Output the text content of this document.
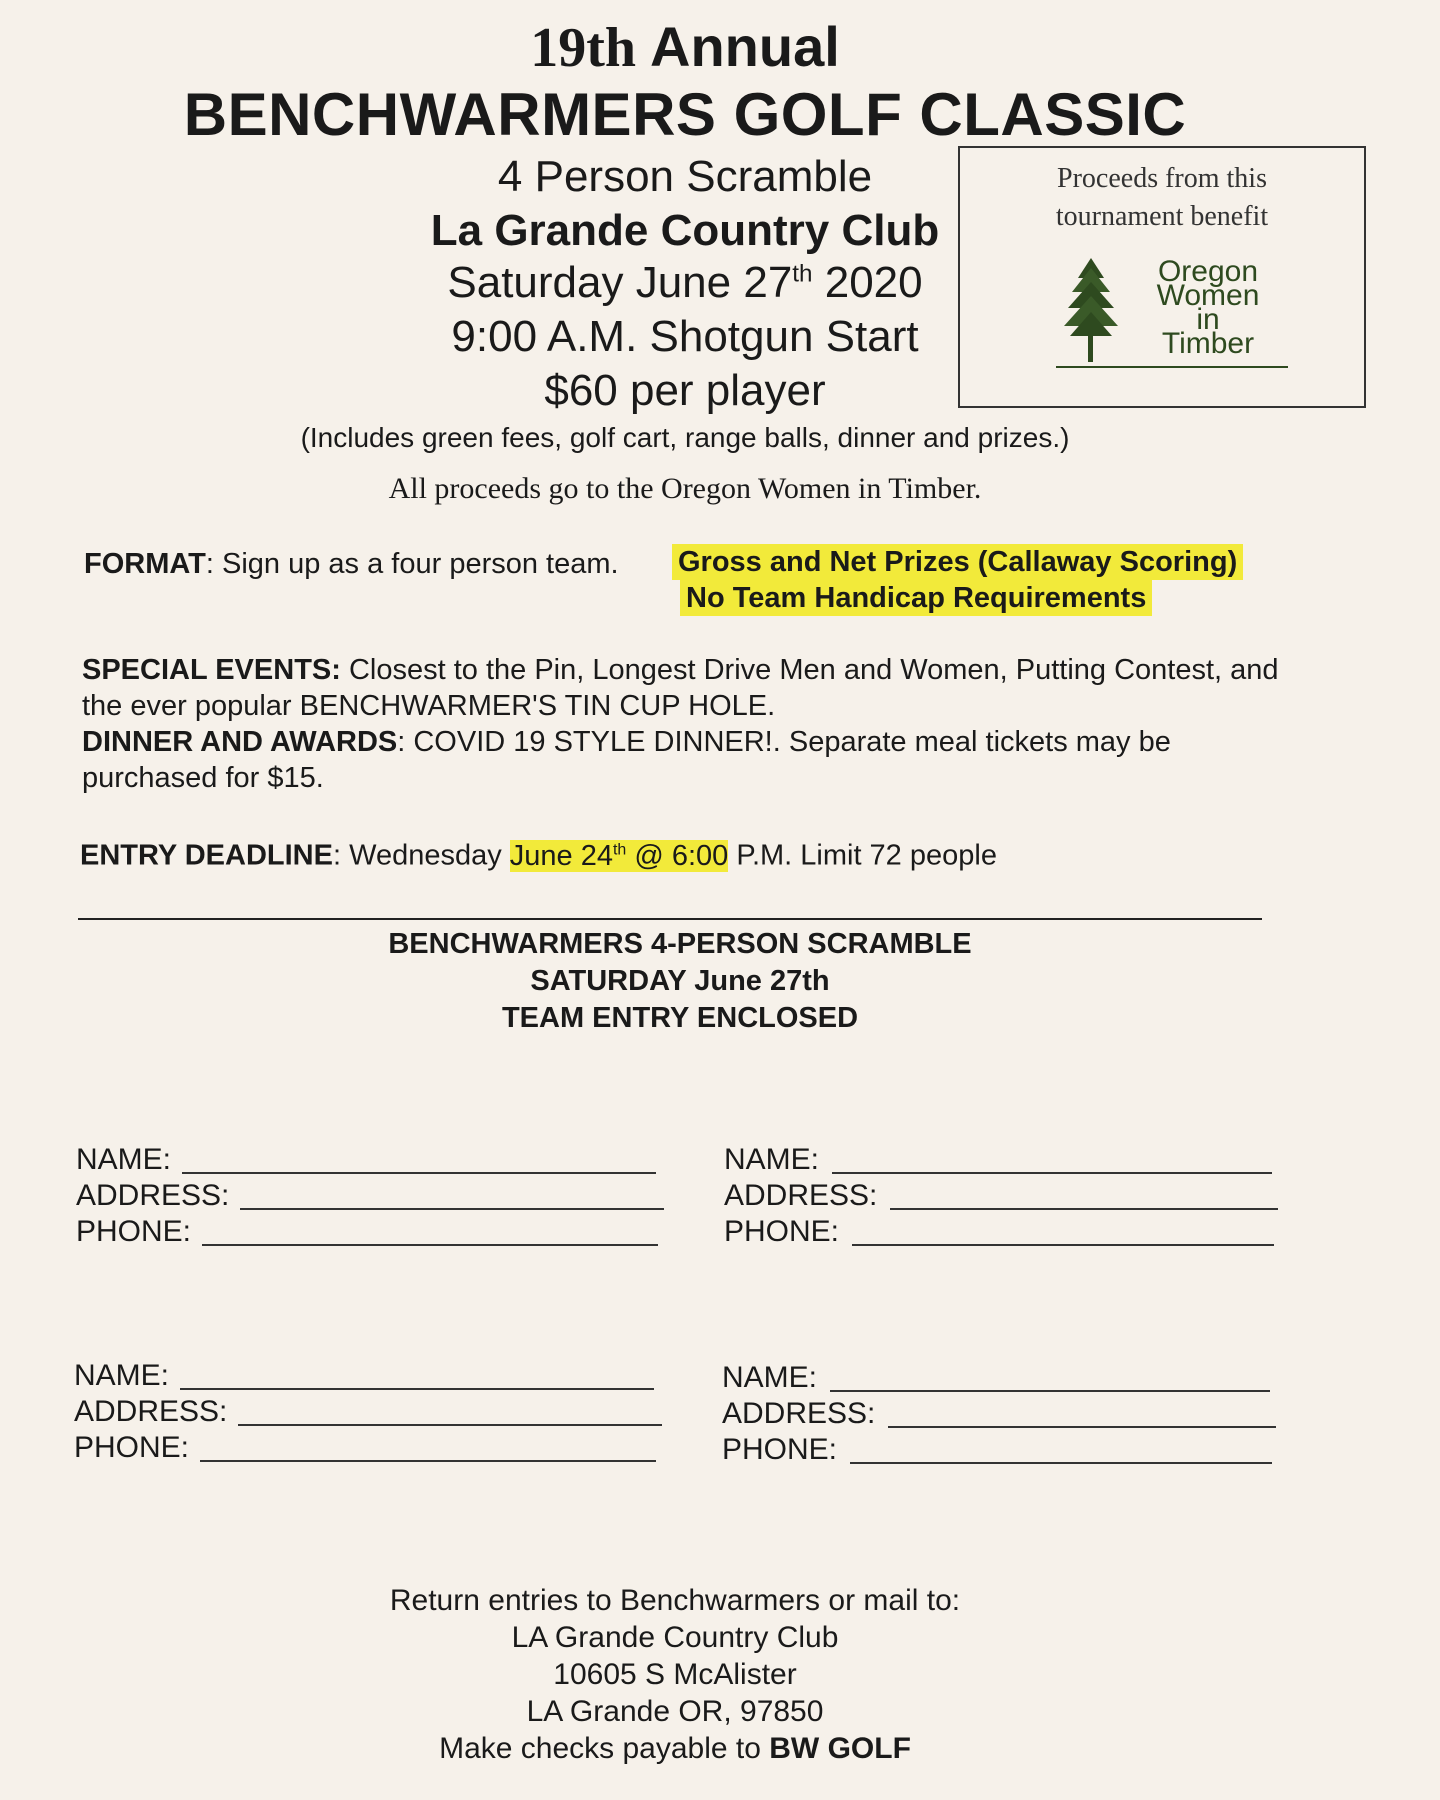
19th Annual
BENCHWARMERS GOLF CLASSIC
4 Person Scramble
La Grande Country Club
Saturday June 27th 2020
9:00 A.M. Shotgun Start
$60 per player
(Includes green fees, golf cart, range balls, dinner and prizes.)
All proceeds go to the Oregon Women in Timber.
Proceeds from this
tournament benefit
Oregon
Women
in
Timber
FORMAT: Sign up as a four person team. Gross and Net Prizes (Callaway Scoring)
No Team Handicap Requirements
SPECIAL EVENTS: Closest to the Pin, Longest Drive Men and Women, Putting Contest, and the ever popular BENCHWARMER'S TIN CUP HOLE.
DINNER AND AWARDS: COVID 19 STYLE DINNER!. Separate meal tickets may be purchased for $15.
ENTRY DEADLINE: Wednesday June 24th @ 6:00 P.M. Limit 72 people
BENCHWARMERS 4-PERSON SCRAMBLE
SATURDAY June 27th
TEAM ENTRY ENCLOSED
NAME:
ADDRESS:
PHONE:
NAME:
ADDRESS:
PHONE:
NAME:
ADDRESS:
PHONE:
NAME:
ADDRESS:
PHONE:
Return entries to Benchwarmers or mail to:
LA Grande Country Club
10605 S McAlister
LA Grande OR, 97850
Make checks payable to BW GOLF
